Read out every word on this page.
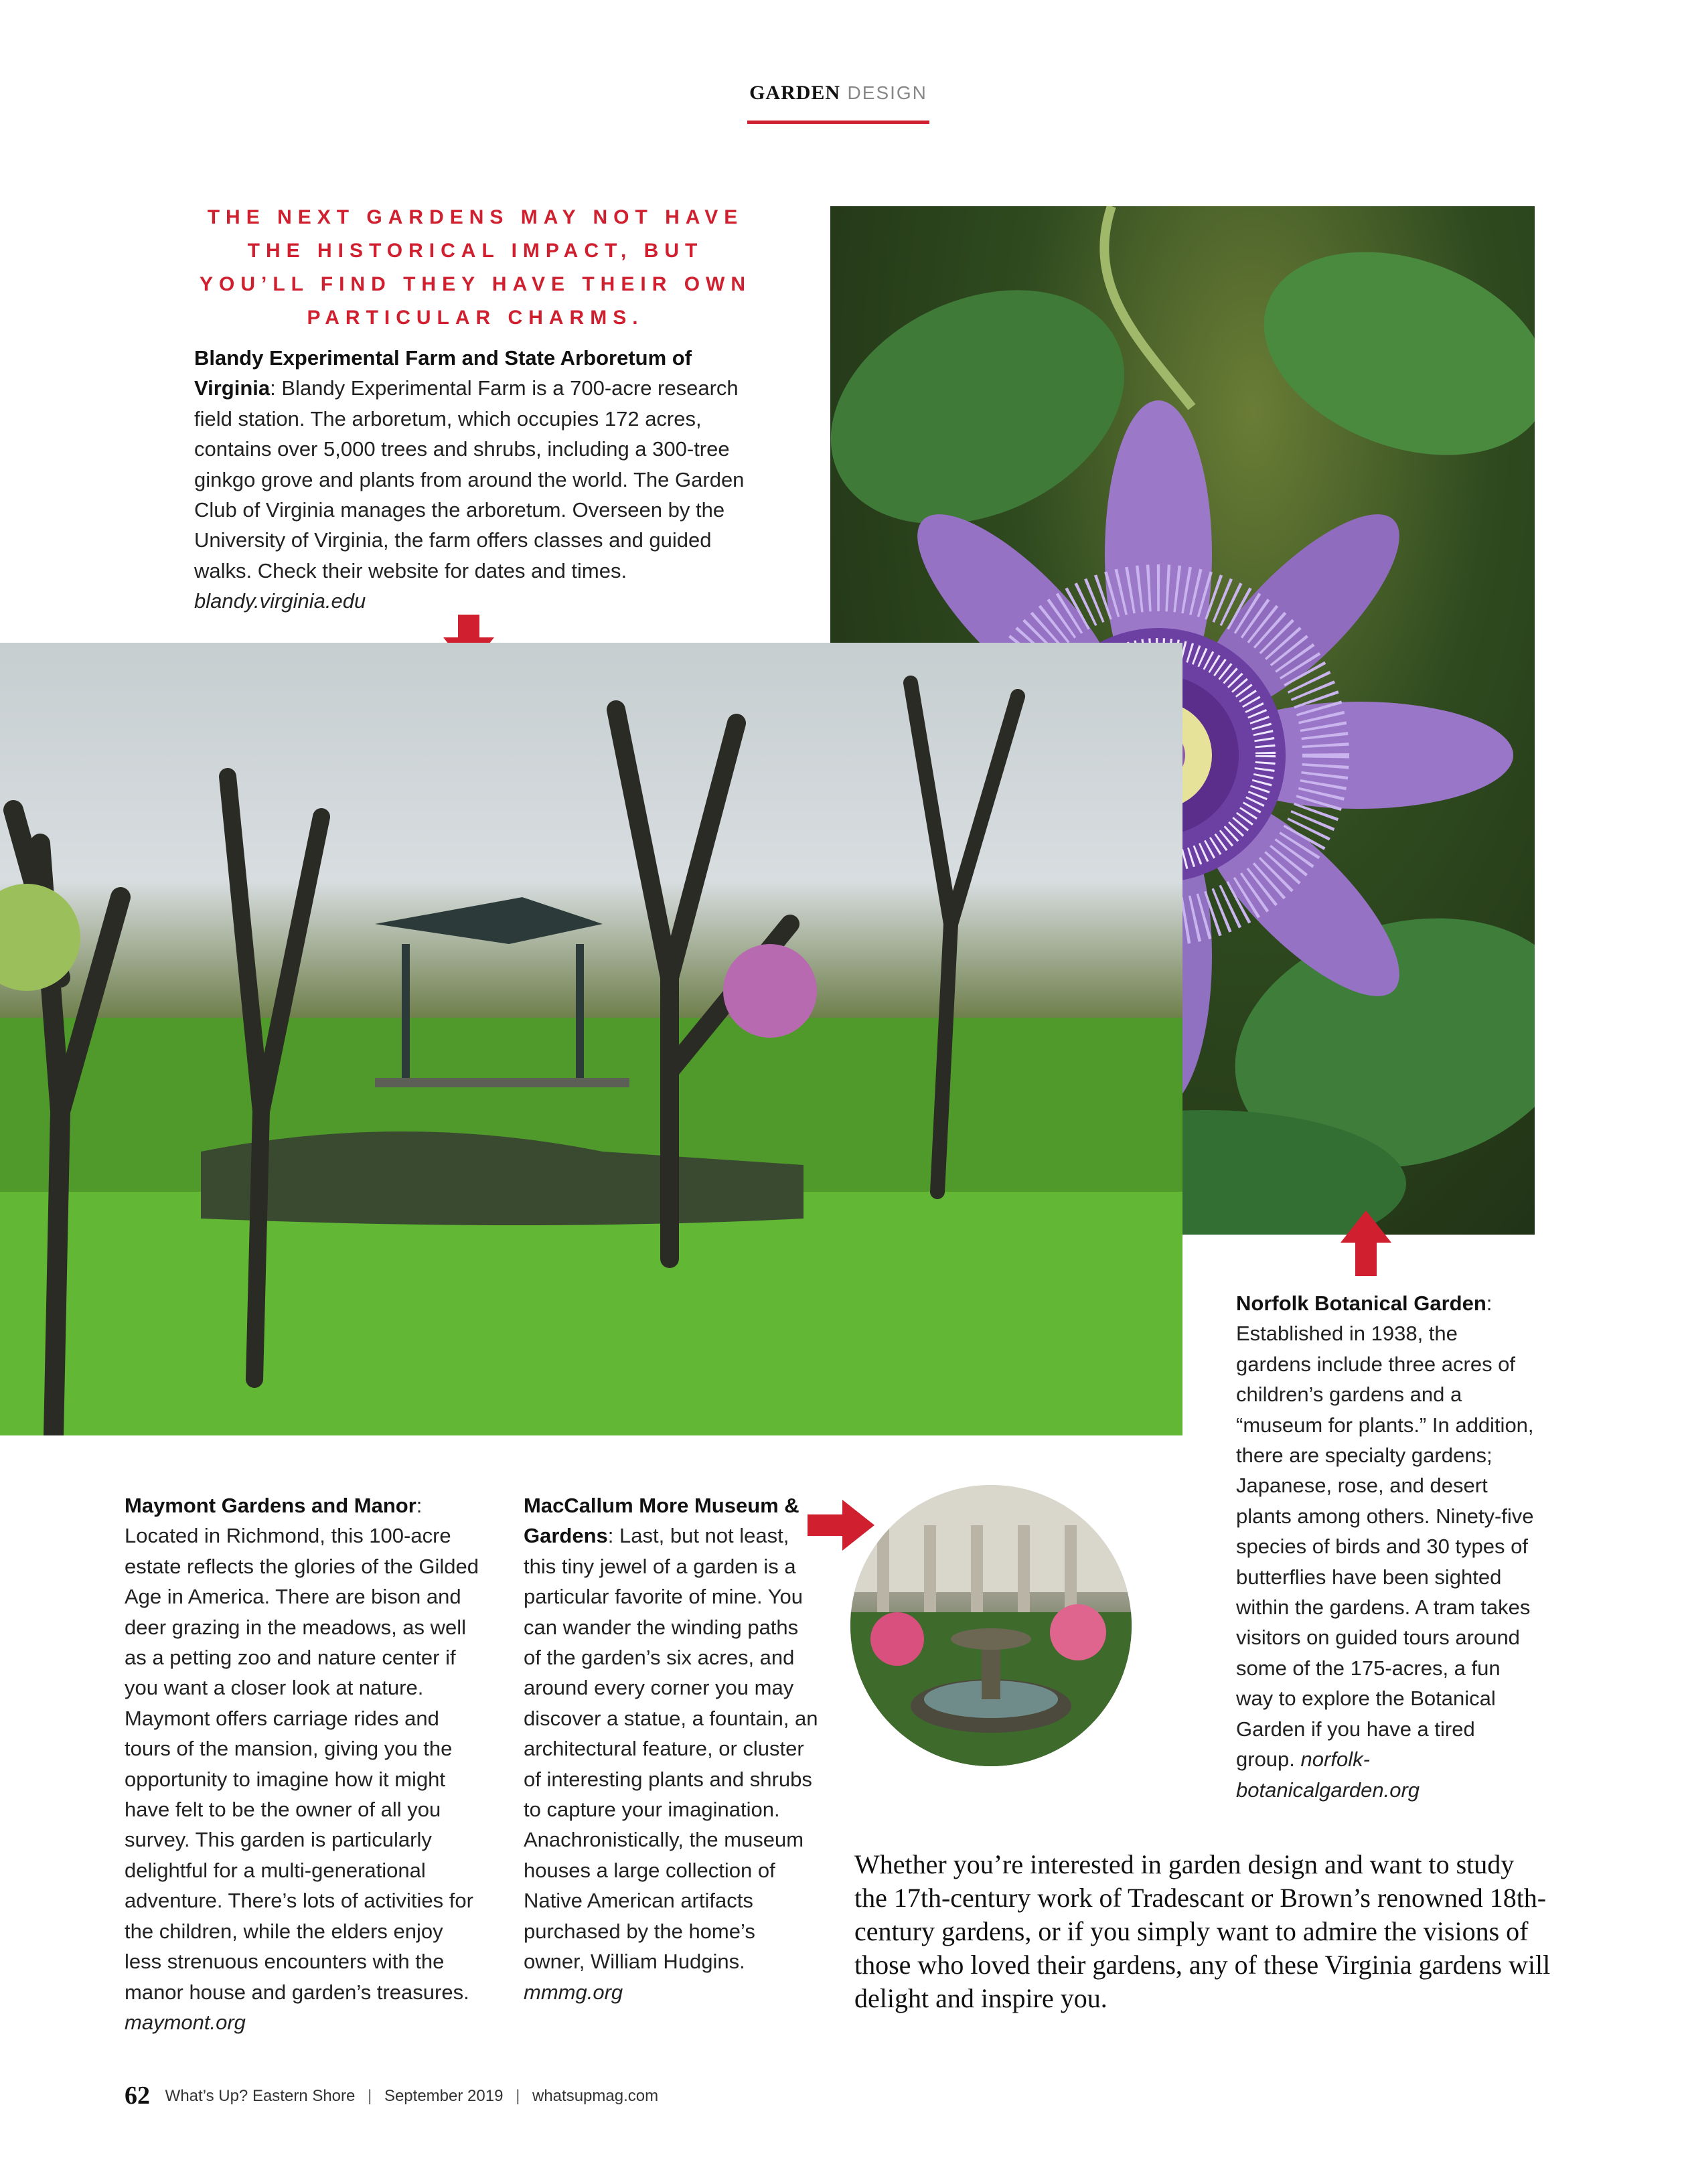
GARDEN DESIGN
THE NEXT GARDENS MAY NOT HAVE THE HISTORICAL IMPACT, BUT YOU’LL FIND THEY HAVE THEIR OWN PARTICULAR CHARMS.
Blandy Experimental Farm and State Arboretum of Virginia: Blandy Experimental Farm is a 700-acre research field station. The arboretum, which occupies 172 acres, contains over 5,000 trees and shrubs, including a 300-tree ginkgo grove and plants from around the world. The Garden Club of Virginia manages the arboretum. Overseen by the University of Virginia, the farm offers classes and guided walks. Check their website for dates and times. blandy.virginia.edu
Norfolk Botanical Garden: Established in 1938, the gardens include three acres of children’s gardens and a “museum for plants.” In addition, there are specialty gardens; Japanese, rose, and desert plants among others. Ninety-five species of birds and 30 types of butterflies have been sighted within the gardens. A tram takes visitors on guided tours around some of the 175-acres, a fun way to explore the Botanical Garden if you have a tired group. norfolk-botanicalgarden.org
Maymont Gardens and Manor: Located in Richmond, this 100-acre estate reflects the glories of the Gilded Age in America. There are bison and deer grazing in the meadows, as well as a petting zoo and nature center if you want a closer look at nature. Maymont offers carriage rides and tours of the mansion, giving you the opportunity to imagine how it might have felt to be the owner of all you survey. This garden is particularly delightful for a multi-generational adventure. There’s lots of activities for the children, while the elders enjoy less strenuous encounters with the manor house and garden’s treasures. maymont.org
MacCallum More Museum & Gardens: Last, but not least, this tiny jewel of a garden is a particular favorite of mine. You can wander the winding paths of the garden’s six acres, and around every corner you may discover a statue, a fountain, an architectural feature, or cluster of interesting plants and shrubs to capture your imagination. Anachronistically, the museum houses a large collection of Native American artifacts purchased by the home’s owner, William Hudgins. mmmg.org
Whether you’re interested in garden design and want to study the 17th-century work of Tradescant or Brown’s renowned 18th-century gardens, or if you simply want to admire the visions of those who loved their gardens, any of these Virginia gardens will delight and inspire you.
62 What’s Up? Eastern Shore | September 2019 | whatsupmag.com
